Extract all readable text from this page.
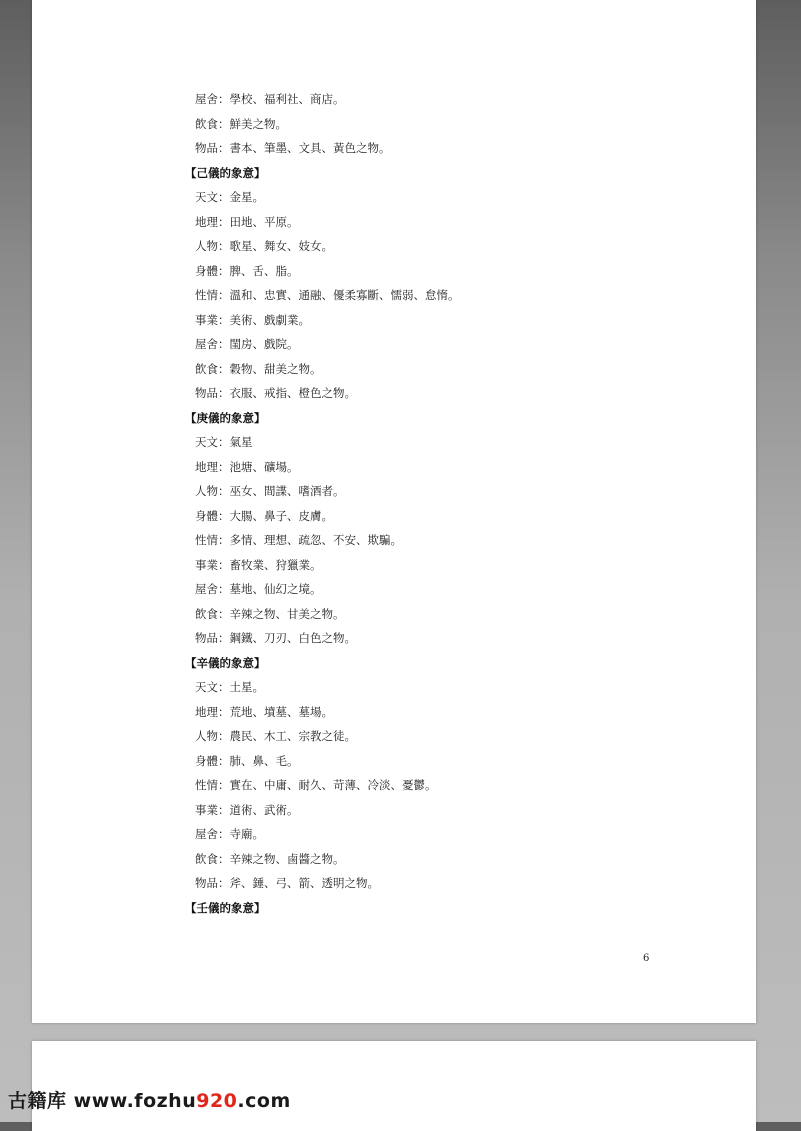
屋舍：學校、福利社、商店。
飲食：鮮美之物。
物品：書本、筆墨、文具、黃色之物。
【己儀的象意】
天文：金星。
地理：田地、平原。
人物：歌星、舞女、妓女。
身體：脾、舌、脂。
性情：溫和、忠實、通融、優柔寡斷、懦弱、怠惰。
事業：美術、戲劇業。
屋舍：閨房、戲院。
飲食：穀物、甜美之物。
物品：衣服、戒指、橙色之物。
【庚儀的象意】
天文：氣星
地理：池塘、礦場。
人物：巫女、間諜、嗜酒者。
身體：大腸、鼻子、皮膚。
性情：多情、理想、疏忽、不安、欺騙。
事業：畜牧業、狩獵業。
屋舍：墓地、仙幻之境。
飲食：辛辣之物、甘美之物。
物品：鋼鐵、刀刃、白色之物。
【辛儀的象意】
天文：土星。
地理：荒地、墳墓、墓場。
人物：農民、木工、宗教之徒。
身體：肺、鼻、毛。
性情：實在、中庸、耐久、苛薄、冷淡、憂鬱。
事業：道術、武術。
屋舍：寺廟。
飲食：辛辣之物、鹵醬之物。
物品：斧、錘、弓、箭、透明之物。
【壬儀的象意】
6
古籍库 www.fozhu920.com
